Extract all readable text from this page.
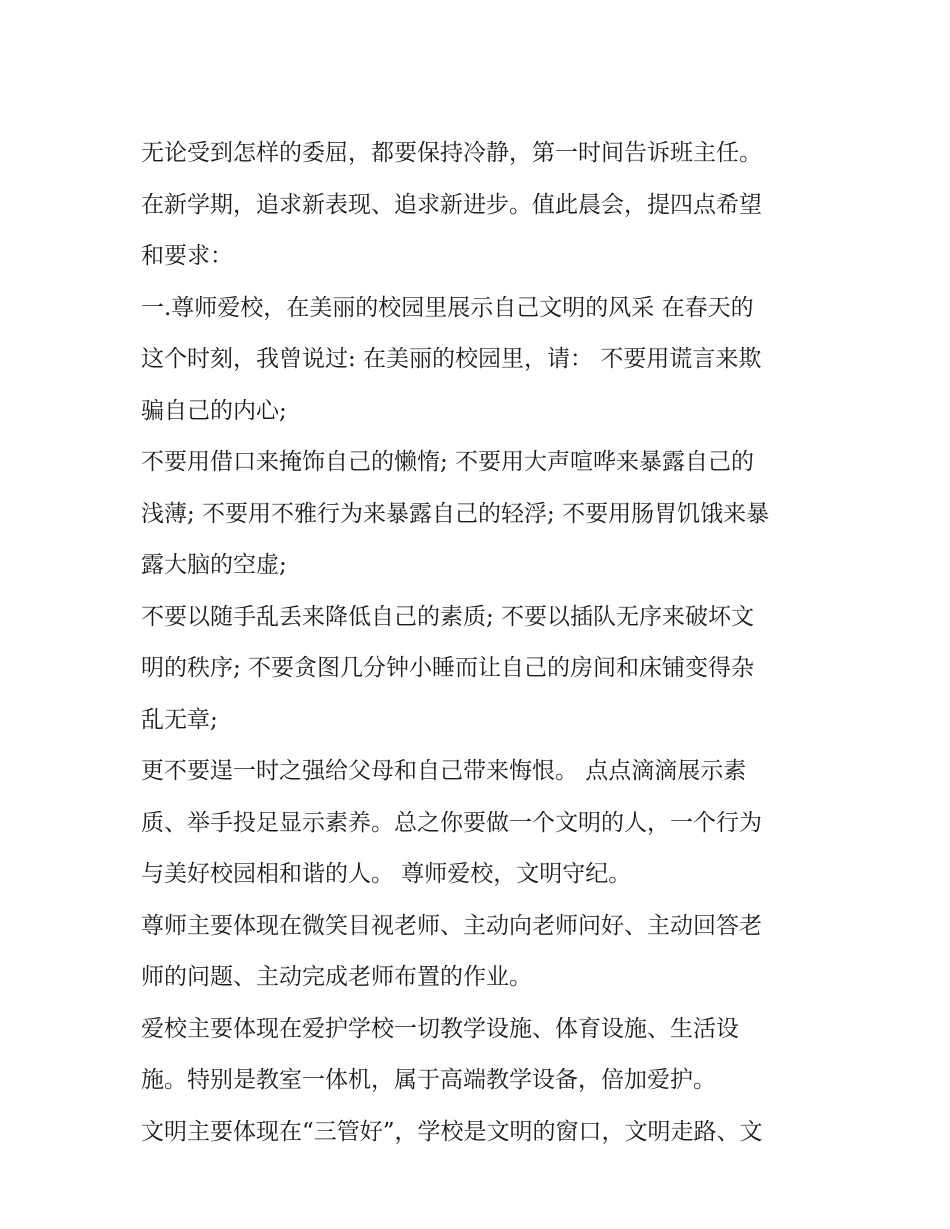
无论受到怎样的委屈，都要保持冷静，第一时间告诉班主任。
在新学期，追求新表现、追求新进步。值此晨会，提四点希望
和要求：
一.尊师爱校，在美丽的校园里展示自己文明的风采 在春天的
这个时刻，我曾说过: 在美丽的校园里，请： 不要用谎言来欺
骗自己的内心;
不要用借口来掩饰自己的懒惰; 不要用大声喧哗来暴露自己的
浅薄; 不要用不雅行为来暴露自己的轻浮; 不要用肠胃饥饿来暴
露大脑的空虚;
不要以随手乱丢来降低自己的素质; 不要以插队无序来破坏文
明的秩序; 不要贪图几分钟小睡而让自己的房间和床铺变得杂
乱无章;
更不要逞一时之强给父母和自己带来悔恨。 点点滴滴展示素
质、举手投足显示素养。总之你要做一个文明的人，一个行为
与美好校园相和谐的人。 尊师爱校，文明守纪。
尊师主要体现在微笑目视老师、主动向老师问好、主动回答老
师的问题、主动完成老师布置的作业。
爱校主要体现在爱护学校一切教学设施、体育设施、生活设
施。特别是教室一体机，属于高端教学设备，倍加爱护。
文明主要体现在“三管好”，学校是文明的窗口，文明走路、文
